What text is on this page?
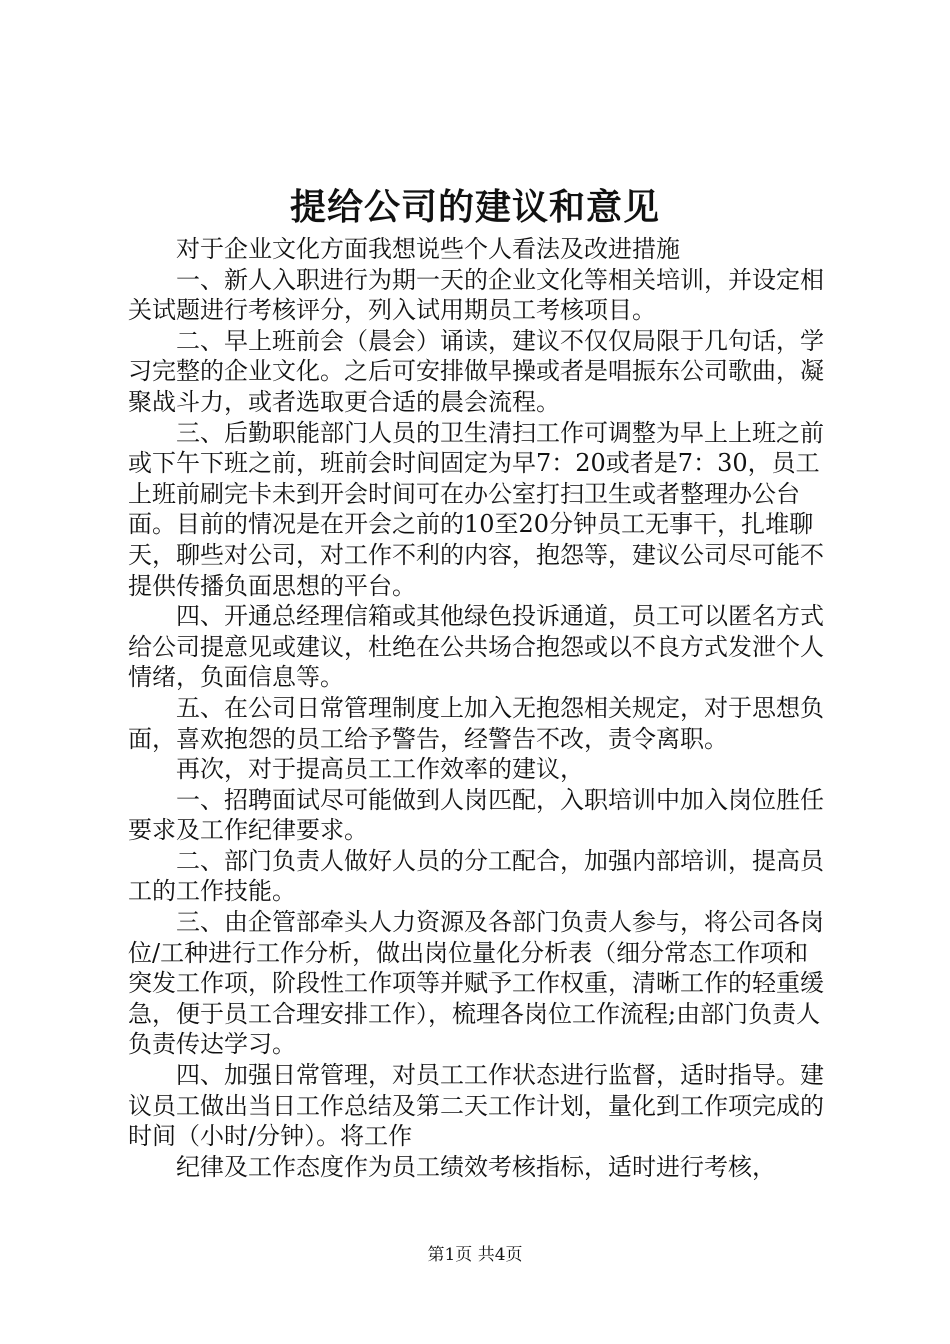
提给公司的建议和意见

对于企业文化方面我想说些个人看法及改进措施

一、新人入职进行为期一天的企业文化等相关培训，并设定相关试题进行考核评分，列入试用期员工考核项目。

二、早上班前会（晨会）诵读，建议不仅仅局限于几句话，学习完整的企业文化。之后可安排做早操或者是唱振东公司歌曲，凝聚战斗力，或者选取更合适的晨会流程。

三、后勤职能部门人员的卫生清扫工作可调整为早上上班之前或下午下班之前，班前会时间固定为早7：20或者是7：30，员工上班前刷完卡未到开会时间可在办公室打扫卫生或者整理办公台面。目前的情况是在开会之前的10至20分钟员工无事干，扎堆聊天，聊些对公司，对工作不利的内容，抱怨等，建议公司尽可能不提供传播负面思想的平台。

四、开通总经理信箱或其他绿色投诉通道，员工可以匿名方式给公司提意见或建议，杜绝在公共场合抱怨或以不良方式发泄个人情绪，负面信息等。

五、在公司日常管理制度上加入无抱怨相关规定，对于思想负面，喜欢抱怨的员工给予警告，经警告不改，责令离职。

再次，对于提高员工工作效率的建议，

一、招聘面试尽可能做到人岗匹配，入职培训中加入岗位胜任要求及工作纪律要求。

二、部门负责人做好人员的分工配合，加强内部培训，提高员工的工作技能。

三、由企管部牵头人力资源及各部门负责人参与，将公司各岗位/工种进行工作分析，做出岗位量化分析表（细分常态工作项和突发工作项，阶段性工作项等并赋予工作权重，清晰工作的轻重缓急，便于员工合理安排工作），梳理各岗位工作流程;由部门负责人负责传达学习。

四、加强日常管理，对员工工作状态进行监督，适时指导。建议员工做出当日工作总结及第二天工作计划，量化到工作项完成的时间（小时/分钟）。将工作

纪律及工作态度作为员工绩效考核指标，适时进行考核，

第1页 共4页
